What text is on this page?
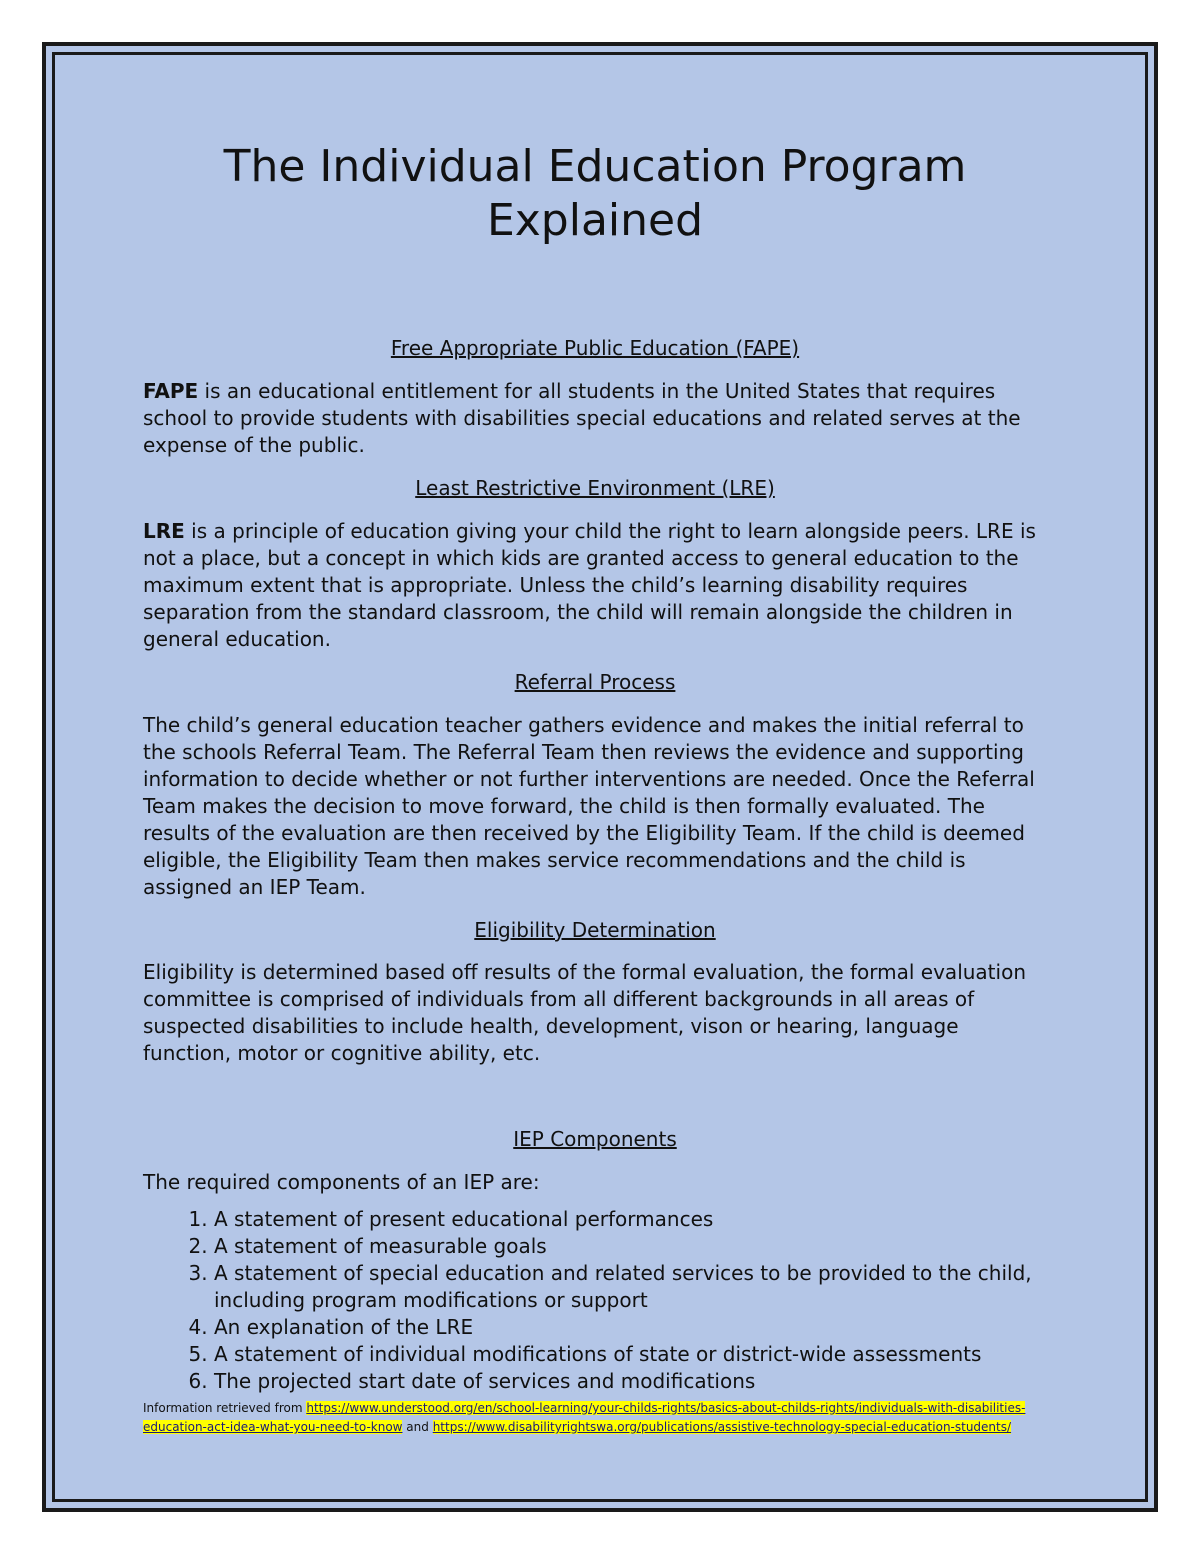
The Individual Education Program
Explained

Free Appropriate Public Education (FAPE)

FAPE is an educational entitlement for all students in the United States that requires school to provide students with disabilities special educations and related serves at the expense of the public.

Least Restrictive Environment (LRE)

LRE is a principle of education giving your child the right to learn alongside peers. LRE is not a place, but a concept in which kids are granted access to general education to the maximum extent that is appropriate. Unless the child’s learning disability requires separation from the standard classroom, the child will remain alongside the children in general education.

Referral Process

The child’s general education teacher gathers evidence and makes the initial referral to the schools Referral Team. The Referral Team then reviews the evidence and supporting information to decide whether or not further interventions are needed. Once the Referral Team makes the decision to move forward, the child is then formally evaluated. The results of the evaluation are then received by the Eligibility Team. If the child is deemed eligible, the Eligibility Team then makes service recommendations and the child is assigned an IEP Team.

Eligibility Determination

Eligibility is determined based off results of the formal evaluation, the formal evaluation committee is comprised of individuals from all different backgrounds in all areas of suspected disabilities to include health, development, vison or hearing, language function, motor or cognitive ability, etc.

IEP Components

The required components of an IEP are:

1. A statement of present educational performances
2. A statement of measurable goals
3. A statement of special education and related services to be provided to the child, including program modifications or support
4. An explanation of the LRE
5. A statement of individual modifications of state or district-wide assessments
6. The projected start date of services and modifications

Information retrieved from https://www.understood.org/en/school-learning/your-childs-rights/basics-about-childs-rights/individuals-with-disabilities-education-act-idea-what-you-need-to-know and https://www.disabilityrightswa.org/publications/assistive-technology-special-education-students/
